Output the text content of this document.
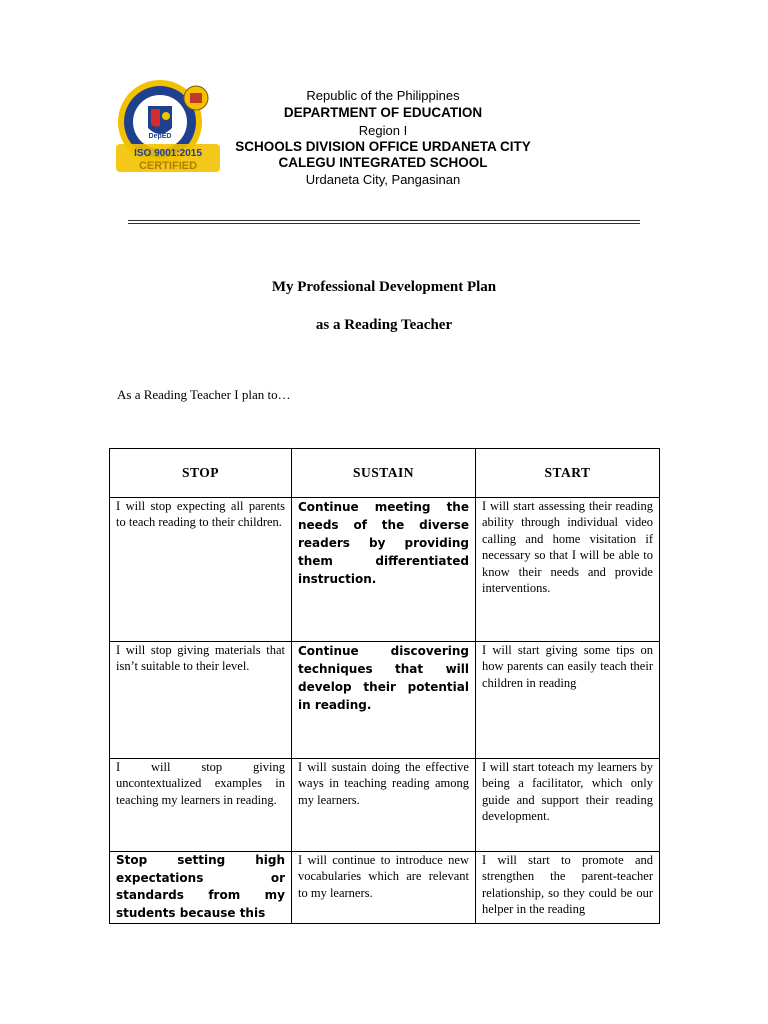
ISO 9001:2015
CERTIFIED
DepED
Republic of the Philippines
DEPARTMENT OF EDUCATION
Region I
SCHOOLS DIVISION OFFICE URDANETA CITY
CALEGU INTEGRATED SCHOOL
Urdaneta City, Pangasinan
My Professional Development Plan
as a Reading Teacher
As a Reading Teacher I plan to…
STOP	SUSTAIN	START
I will stop expecting all parents to teach reading to their children.	Continue meeting the needs of the diverse readers by providing them differentiated instruction.	I will start assessing their reading ability through individual video calling and home visitation if necessary so that I will be able to know their needs and provide interventions.
I will stop giving materials that isn’t suitable to their level.	Continue discovering techniques that will develop their potential in reading.	I will start giving some tips on how parents can easily teach their children in reading
I will stop giving uncontextualized examples in teaching my learners in reading.	I will sustain doing the effective ways in teaching reading among my learners.	I will start toteach my learners by being a facilitator, which only guide and support their reading development.
Stop setting high expectations or standards from my students because this	I will continue to introduce new vocabularies which are relevant to my learners.	I will start to promote and strengthen the parent-teacher relationship, so they could be our helper in the reading
